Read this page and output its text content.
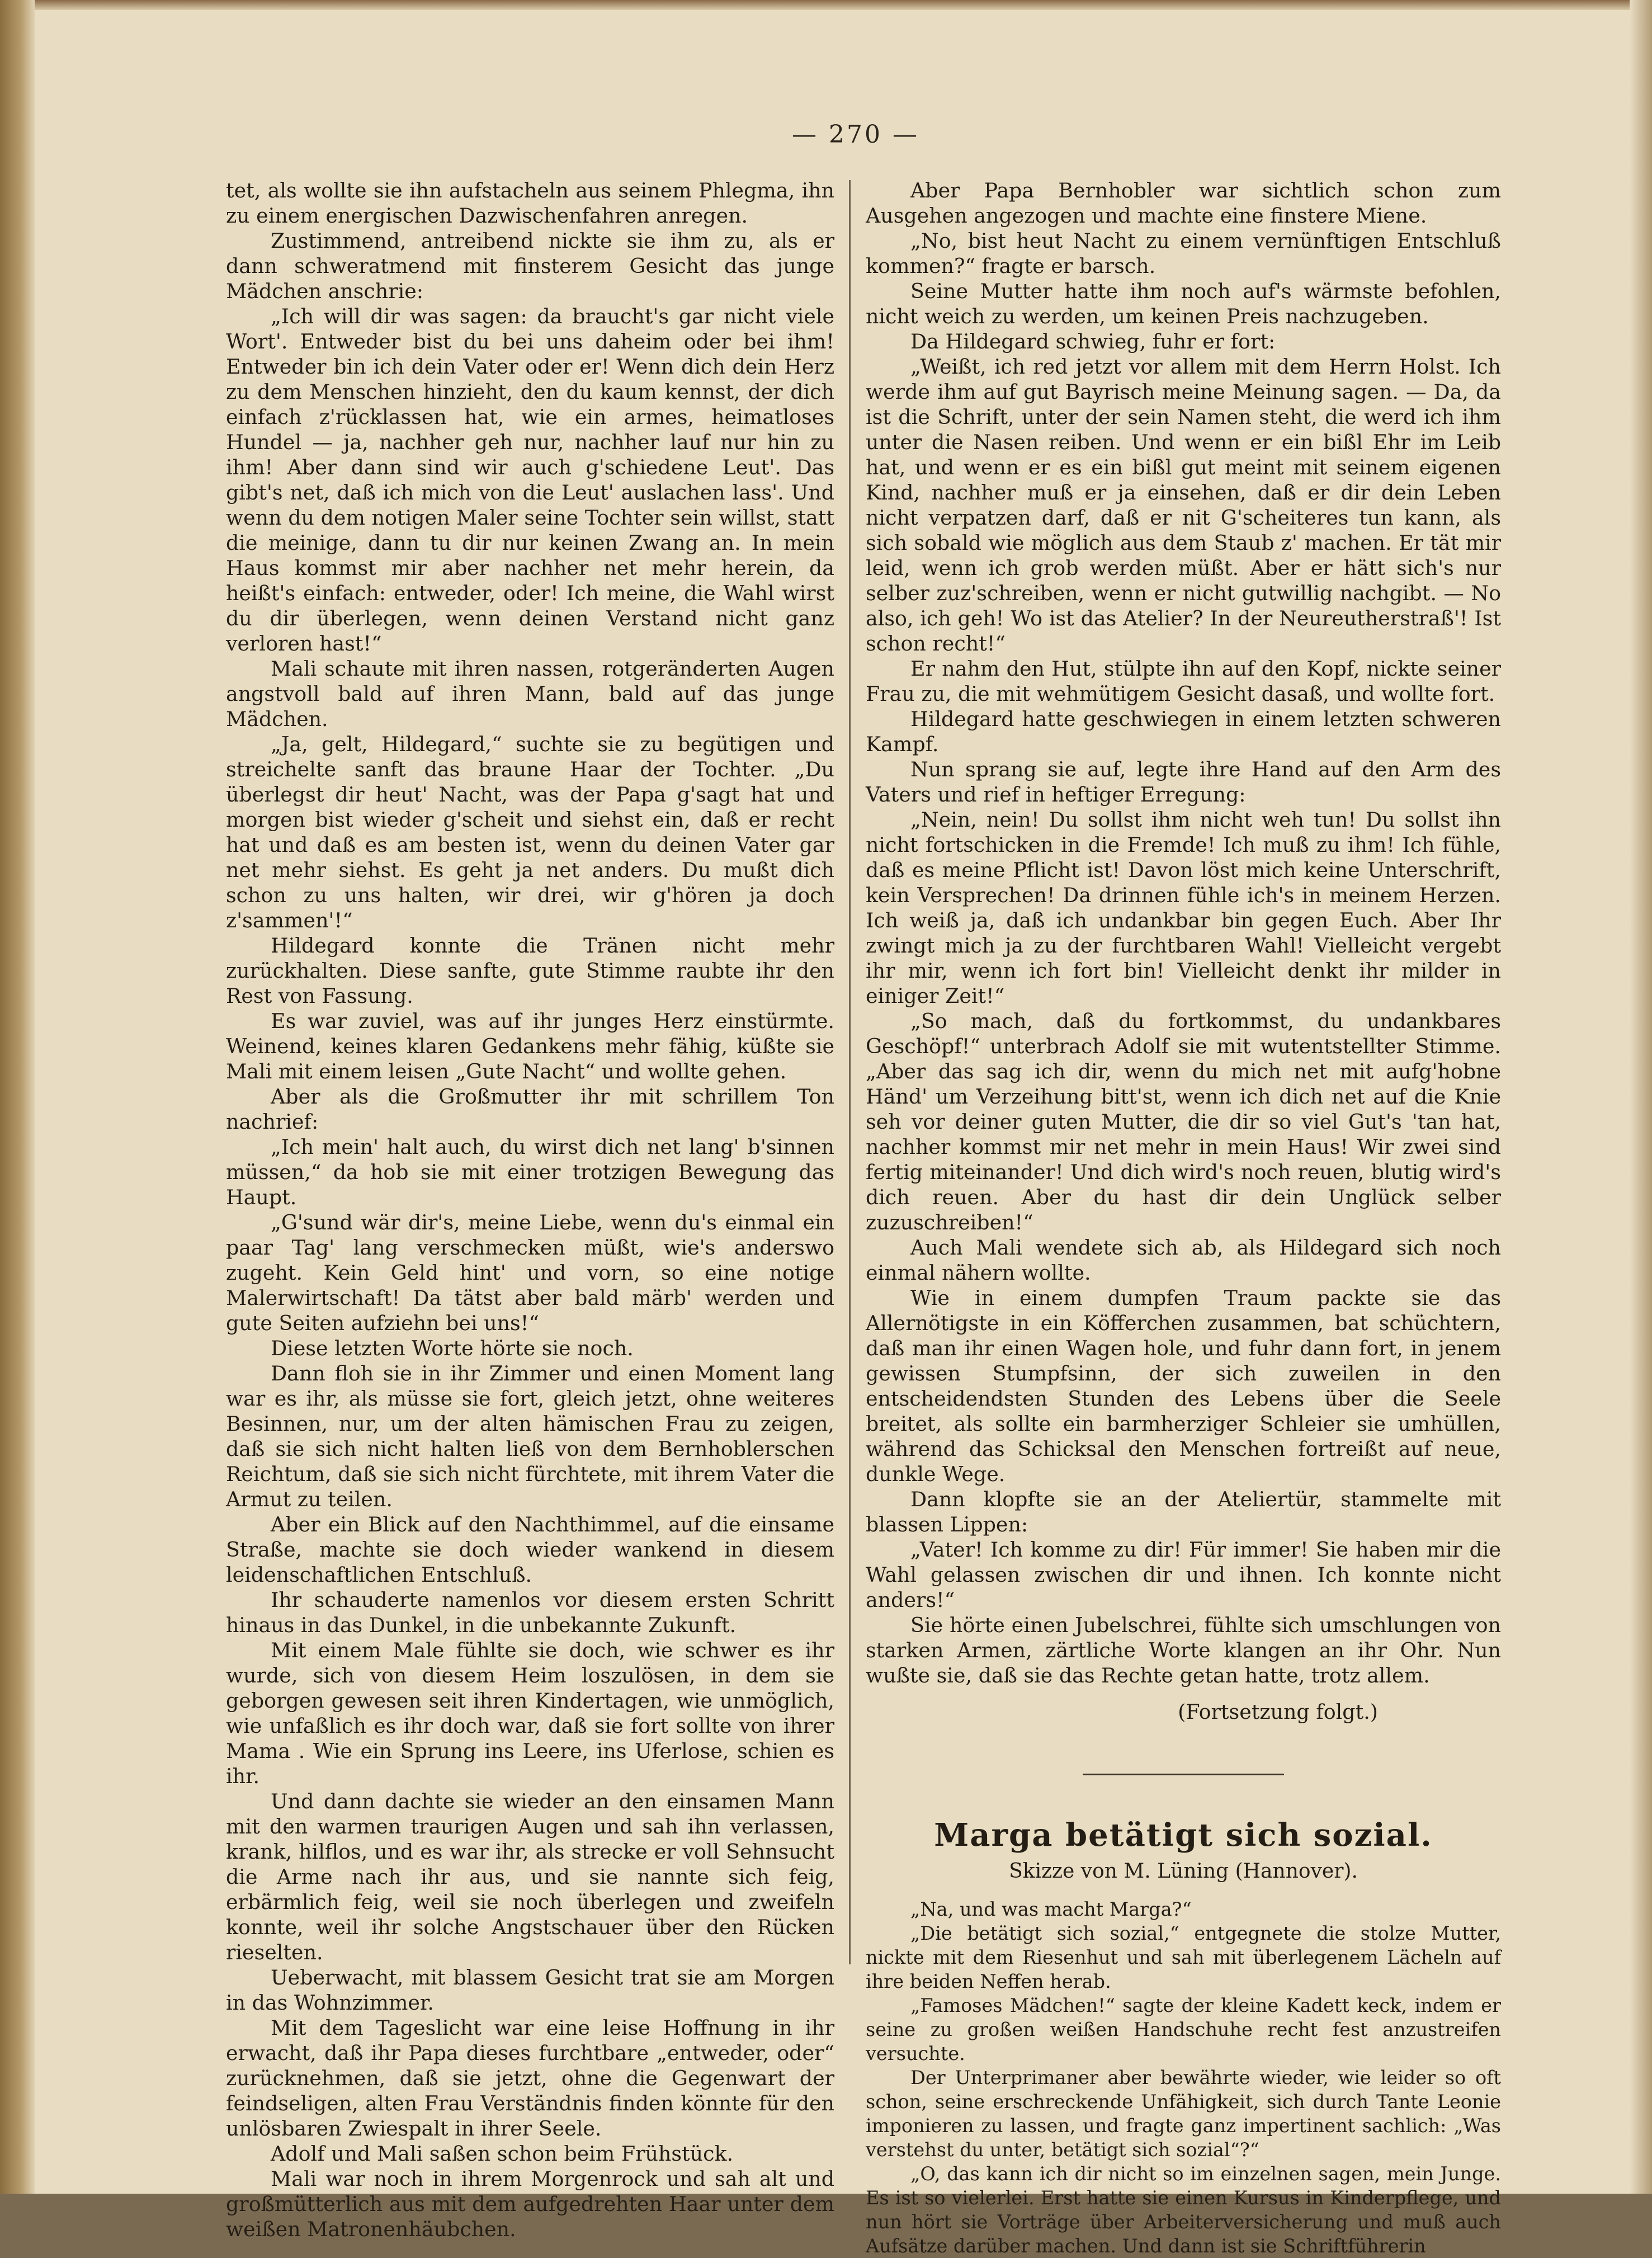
— 270 —

tet, als wollte sie ihn aufstacheln aus seinem Phlegma, ihn zu einem energischen Dazwischenfahren anregen.

Zustimmend, antreibend nickte sie ihm zu, als er dann schweratmend mit finsterem Gesicht das junge Mädchen anschrie:

„Ich will dir was sagen: da braucht's gar nicht viele Wort'. Entweder bist du bei uns daheim oder bei ihm! Entweder bin ich dein Vater oder er! Wenn dich dein Herz zu dem Menschen hinzieht, den du kaum kennst, der dich einfach z'rücklassen hat, wie ein armes, heimatloses Hundel — ja, nachher geh nur, nachher lauf nur hin zu ihm! Aber dann sind wir auch g'schiedene Leut'. Das gibt's net, daß ich mich von die Leut' auslachen lass'. Und wenn du dem notigen Maler seine Tochter sein willst, statt die meinige, dann tu dir nur keinen Zwang an. In mein Haus kommst mir aber nachher net mehr herein, da heißt's einfach: entweder, oder! Ich meine, die Wahl wirst du dir überlegen, wenn deinen Verstand nicht ganz verloren hast!“

Mali schaute mit ihren nassen, rotgeränderten Augen angstvoll bald auf ihren Mann, bald auf das junge Mädchen.

„Ja, gelt, Hildegard,“ suchte sie zu begütigen und streichelte sanft das braune Haar der Tochter. „Du überlegst dir heut' Nacht, was der Papa g'sagt hat und morgen bist wieder g'scheit und siehst ein, daß er recht hat und daß es am besten ist, wenn du deinen Vater gar net mehr siehst. Es geht ja net anders. Du mußt dich schon zu uns halten, wir drei, wir g'hören ja doch z'sammen'!“

Hildegard konnte die Tränen nicht mehr zurückhalten. Diese sanfte, gute Stimme raubte ihr den Rest von Fassung.

Es war zuviel, was auf ihr junges Herz einstürmte. Weinend, keines klaren Gedankens mehr fähig, küßte sie Mali mit einem leisen „Gute Nacht“ und wollte gehen.

Aber als die Großmutter ihr mit schrillem Ton nachrief:

„Ich mein' halt auch, du wirst dich net lang' b'sinnen müssen,“ da hob sie mit einer trotzigen Bewegung das Haupt.

„G'sund wär dir's, meine Liebe, wenn du's einmal ein paar Tag' lang verschmecken müßt, wie's anderswo zugeht. Kein Geld hint' und vorn, so eine notige Malerwirtschaft! Da tätst aber bald märb' werden und gute Seiten aufziehn bei uns!“

Diese letzten Worte hörte sie noch.

Dann floh sie in ihr Zimmer und einen Moment lang war es ihr, als müsse sie fort, gleich jetzt, ohne weiteres Besinnen, nur, um der alten hämischen Frau zu zeigen, daß sie sich nicht halten ließ von dem Bernhoblerschen Reichtum, daß sie sich nicht fürchtete, mit ihrem Vater die Armut zu teilen.

Aber ein Blick auf den Nachthimmel, auf die einsame Straße, machte sie doch wieder wankend in diesem leidenschaftlichen Entschluß.

Ihr schauderte namenlos vor diesem ersten Schritt hinaus in das Dunkel, in die unbekannte Zukunft.

Mit einem Male fühlte sie doch, wie schwer es ihr wurde, sich von diesem Heim loszulösen, in dem sie geborgen gewesen seit ihren Kindertagen, wie unmöglich, wie unfaßlich es ihr doch war, daß sie fort sollte von ihrer Mama . Wie ein Sprung ins Leere, ins Uferlose, schien es ihr.

Und dann dachte sie wieder an den einsamen Mann mit den warmen traurigen Augen und sah ihn verlassen, krank, hilflos, und es war ihr, als strecke er voll Sehnsucht die Arme nach ihr aus, und sie nannte sich feig, erbärmlich feig, weil sie noch überlegen und zweifeln konnte, weil ihr solche Angstschauer über den Rücken rieselten.

Ueberwacht, mit blassem Gesicht trat sie am Morgen in das Wohnzimmer.

Mit dem Tageslicht war eine leise Hoffnung in ihr erwacht, daß ihr Papa dieses furchtbare „entweder, oder“ zurücknehmen, daß sie jetzt, ohne die Gegenwart der feindseligen, alten Frau Verständnis finden könnte für den unlösbaren Zwiespalt in ihrer Seele.

Adolf und Mali saßen schon beim Frühstück.

Mali war noch in ihrem Morgenrock und sah alt und großmütterlich aus mit dem aufgedrehten Haar unter dem weißen Matronenhäubchen.

Aber Papa Bernhobler war sichtlich schon zum Ausgehen angezogen und machte eine finstere Miene.

„No, bist heut Nacht zu einem vernünftigen Entschluß kommen?“ fragte er barsch.

Seine Mutter hatte ihm noch auf's wärmste befohlen, nicht weich zu werden, um keinen Preis nachzugeben.

Da Hildegard schwieg, fuhr er fort:

„Weißt, ich red jetzt vor allem mit dem Herrn Holst. Ich werde ihm auf gut Bayrisch meine Meinung sagen. — Da, da ist die Schrift, unter der sein Namen steht, die werd ich ihm unter die Nasen reiben. Und wenn er ein bißl Ehr im Leib hat, und wenn er es ein bißl gut meint mit seinem eigenen Kind, nachher muß er ja einsehen, daß er dir dein Leben nicht verpatzen darf, daß er nit G'scheiteres tun kann, als sich sobald wie möglich aus dem Staub z' machen. Er tät mir leid, wenn ich grob werden müßt. Aber er hätt sich's nur selber zuz'schreiben, wenn er nicht gutwillig nachgibt. — No also, ich geh! Wo ist das Atelier? In der Neureutherstraß'! Ist schon recht!“

Er nahm den Hut, stülpte ihn auf den Kopf, nickte seiner Frau zu, die mit wehmütigem Gesicht dasaß, und wollte fort.

Hildegard hatte geschwiegen in einem letzten schweren Kampf.

Nun sprang sie auf, legte ihre Hand auf den Arm des Vaters und rief in heftiger Erregung:

„Nein, nein! Du sollst ihm nicht weh tun! Du sollst ihn nicht fortschicken in die Fremde! Ich muß zu ihm! Ich fühle, daß es meine Pflicht ist! Davon löst mich keine Unterschrift, kein Versprechen! Da drinnen fühle ich's in meinem Herzen. Ich weiß ja, daß ich undankbar bin gegen Euch. Aber Ihr zwingt mich ja zu der furchtbaren Wahl! Vielleicht vergebt ihr mir, wenn ich fort bin! Vielleicht denkt ihr milder in einiger Zeit!“

„So mach, daß du fortkommst, du undankbares Geschöpf!“ unterbrach Adolf sie mit wutentstellter Stimme. „Aber das sag ich dir, wenn du mich net mit aufg'hobne Händ' um Verzeihung bitt'st, wenn ich dich net auf die Knie seh vor deiner guten Mutter, die dir so viel Gut's 'tan hat, nachher kommst mir net mehr in mein Haus! Wir zwei sind fertig miteinander! Und dich wird's noch reuen, blutig wird's dich reuen. Aber du hast dir dein Unglück selber zuzuschreiben!“

Auch Mali wendete sich ab, als Hildegard sich noch einmal nähern wollte.

Wie in einem dumpfen Traum packte sie das Allernötigste in ein Köfferchen zusammen, bat schüchtern, daß man ihr einen Wagen hole, und fuhr dann fort, in jenem gewissen Stumpfsinn, der sich zuweilen in den entscheidendsten Stunden des Lebens über die Seele breitet, als sollte ein barmherziger Schleier sie umhüllen, während das Schicksal den Menschen fortreißt auf neue, dunkle Wege.

Dann klopfte sie an der Ateliertür, stammelte mit blassen Lippen:

„Vater! Ich komme zu dir! Für immer! Sie haben mir die Wahl gelassen zwischen dir und ihnen. Ich konnte nicht anders!“

Sie hörte einen Jubelschrei, fühlte sich umschlungen von starken Armen, zärtliche Worte klangen an ihr Ohr. Nun wußte sie, daß sie das Rechte getan hatte, trotz allem.

(Fortsetzung folgt.)

Marga betätigt sich sozial.
Skizze von M. Lüning (Hannover).

„Na, und was macht Marga?“

„Die betätigt sich sozial,“ entgegnete die stolze Mutter, nickte mit dem Riesenhut und sah mit überlegenem Lächeln auf ihre beiden Neffen herab.

„Famoses Mädchen!“ sagte der kleine Kadett keck, indem er seine zu großen weißen Handschuhe recht fest anzustreifen versuchte.

Der Unterprimaner aber bewährte wieder, wie leider so oft schon, seine erschreckende Unfähigkeit, sich durch Tante Leonie imponieren zu lassen, und fragte ganz impertinent sachlich: „Was verstehst du unter, betätigt sich sozial“?“

„O, das kann ich dir nicht so im einzelnen sagen, mein Junge. Es ist so vielerlei. Erst hatte sie einen Kursus in Kinderpflege, und nun hört sie Vorträge über Arbeiterversicherung und muß auch Aufsätze darüber machen. Und dann ist sie Schriftführerin
